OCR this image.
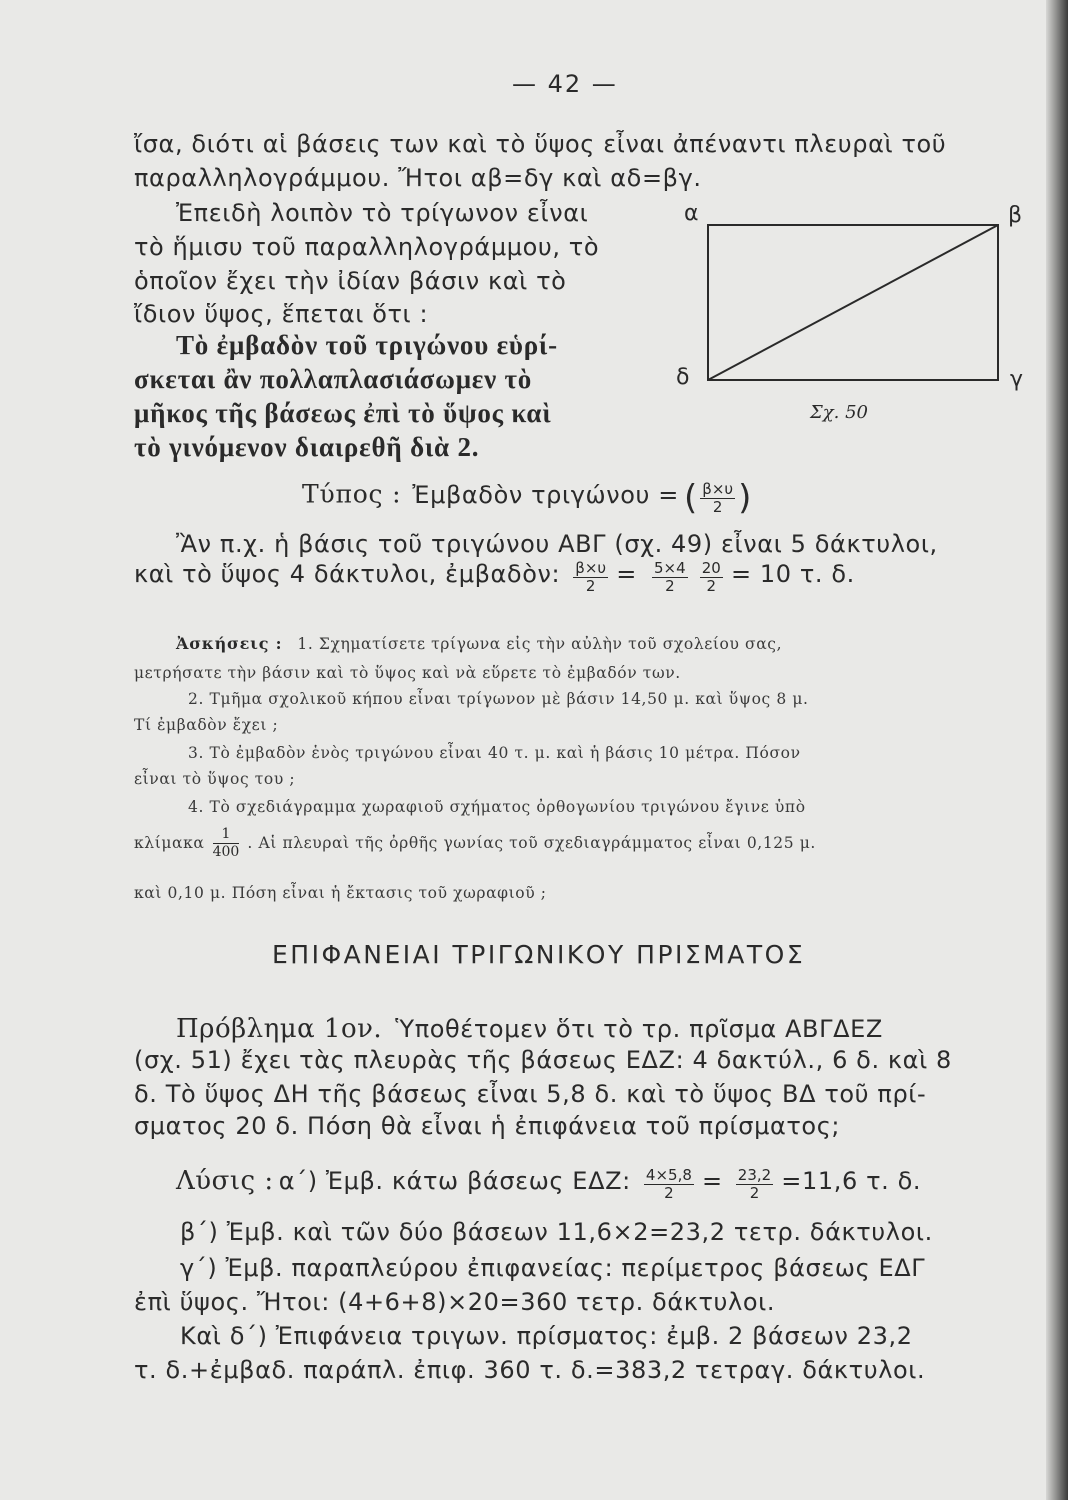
— 42 —
ἴσα, διότι αἱ βάσεις των καὶ τὸ ὕψος εἶναι ἀπέναντι πλευραὶ τοῦ
παραλληλογράμμου. Ἤτοι αβ=δγ καὶ αδ=βγ.
Ἐπειδὴ λοιπὸν τὸ τρίγωνον εἶναι
τὸ ἥμισυ τοῦ παραλληλογράμμου, τὸ
ὁποῖον ἔχει τὴν ἰδίαν βάσιν καὶ τὸ
ἴδιον ὕψος, ἕπεται ὅτι :
Τὸ ἐμβαδὸν τοῦ τριγώνου εὑρί-
σκεται ἂν πολλαπλασιάσωμεν τὸ
μῆκος τῆς βάσεως ἐπὶ τὸ ὕψος καὶ
τὸ γινόμενον διαιρεθῆ διὰ 2.
α	β
δ	γ
Σχ. 50
Τύπος : Ἐμβαδὸν τριγώνου = ( $\frac{\beta\times\upsilon}{2}$ )
Ἂν π.χ. ἡ βάσις τοῦ τριγώνου ΑΒΓ (σχ. 49) εἶναι 5 δάκτυλοι,
καὶ τὸ ὕψος 4 δάκτυλοι, ἐμβαδὸν: $\frac{\beta\times\upsilon}{2} = \frac{5\times 4}{2}$
$\frac{20}{2} = 10$ τ. δ.
Ἀσκήσεις : 1. Σχηματίσετε τρίγωνα εἰς τὴν αὐλὴν τοῦ σχολείου σας,
μετρήσατε τὴν βάσιν καὶ τὸ ὕψος καὶ νὰ εὕρετε τὸ ἐμβαδόν των.
2. Τμῆμα σχολικοῦ κήπου εἶναι τρίγωνον μὲ βάσιν 14,50 μ. καὶ ὕψος 8 μ.
Τί ἐμβαδὸν ἔχει ;
3. Τὸ ἐμβαδὸν ἑνὸς τριγώνου εἶναι 40 τ. μ. καὶ ἡ βάσις 10 μέτρα. Πόσον
εἶναι τὸ ὕψος του ;
4. Τὸ σχεδιάγραμμα χωραφιοῦ σχήματος ὀρθογωνίου τριγώνου ἔγινε ὑπὸ
κλίμακα $\frac{1}{400}$ . Αἱ πλευραὶ τῆς ὀρθῆς γωνίας τοῦ σχεδιαγράμματος εἶναι 0,125 μ.
καὶ 0,10 μ. Πόση εἶναι ἡ ἔκτασις τοῦ χωραφιοῦ ;
ΕΠΙΦΑΝΕΙΑΙ ΤΡΙΓΩΝΙΚΟΥ ΠΡΙΣΜΑΤΟΣ
Πρόβλημα 1ον. Ὑποθέτομεν ὅτι τὸ τρ. πρῖσμα ΑΒΓΔΕΖ
(σχ. 51) ἔχει τὰς πλευρὰς τῆς βάσεως ΕΔΖ: 4 δακτύλ., 6 δ. καὶ 8
δ. Τὸ ὕψος ΔΗ τῆς βάσεως εἶναι 5,8 δ. καὶ τὸ ὕψος ΒΔ τοῦ πρί-
σματος 20 δ. Πόση θὰ εἶναι ἡ ἐπιφάνεια τοῦ πρίσματος;
Λύσις : α΄) Ἐμβ. κάτω βάσεως ΕΔΖ: $\frac{4\times 5,8}{2} = \frac{23,2}{2} =11,6$ τ. δ.
β΄) Ἐμβ. καὶ τῶν δύο βάσεων 11,6×2=23,2 τετρ. δάκτυλοι.
γ΄) Ἐμβ. παραπλεύρου ἐπιφανείας: περίμετρος βάσεως ΕΔΓ
ἐπὶ ὕψος. Ἤτοι: (4+6+8)×20=360 τετρ. δάκτυλοι.
Καὶ δ΄) Ἐπιφάνεια τριγων. πρίσματος: ἐμβ. 2 βάσεων 23,2
τ. δ.+ἐμβαδ. παράπλ. ἐπιφ. 360 τ. δ.=383,2 τετραγ. δάκτυλοι.
